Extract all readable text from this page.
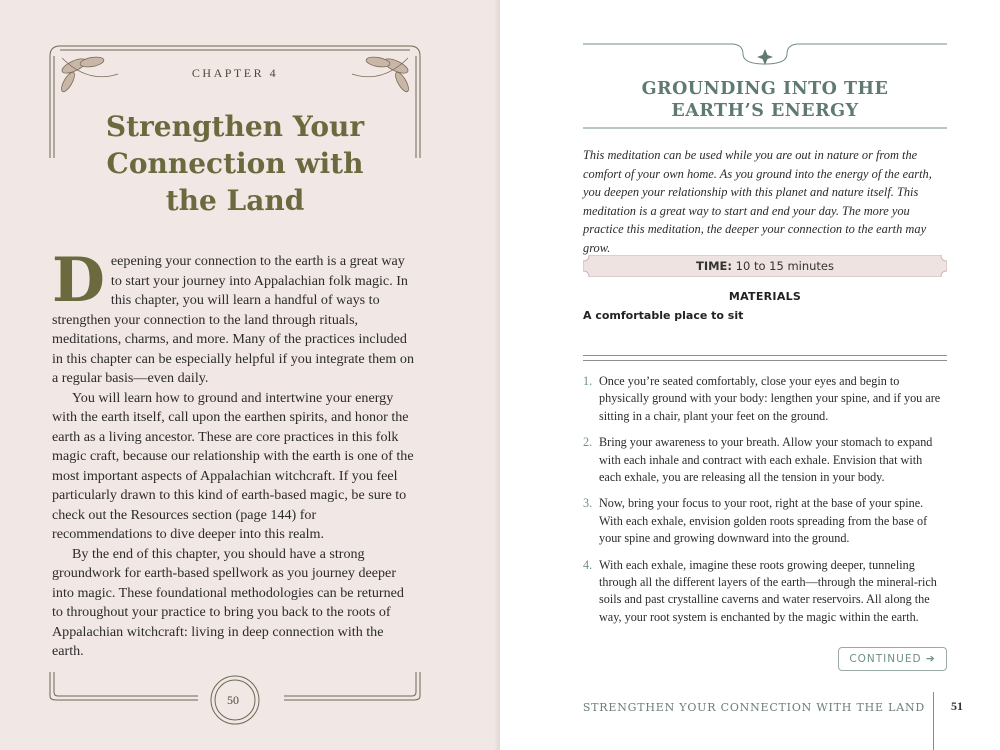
CHAPTER 4
Strengthen Your
Connection with
the Land

Deepening your connection to the earth is a great way to start your journey into Appalachian folk magic. In this chapter, you will learn a handful of ways to strengthen your connection to the land through rituals, meditations, charms, and more. Many of the practices included in this chapter can be especially helpful if you integrate them on a regular basis—even daily.

You will learn how to ground and intertwine your energy with the earth itself, call upon the earthen spirits, and honor the earth as a living ancestor. These are core practices in this folk magic craft, because our relationship with the earth is one of the most important aspects of Appalachian witchcraft. If you feel particularly drawn to this kind of earth-based magic, be sure to check out the Resources section (page 144) for recommendations to dive deeper into this realm.

By the end of this chapter, you should have a strong groundwork for earth-based spellwork as you journey deeper into magic. These foundational methodologies can be returned to throughout your practice to bring you back to the roots of Appalachian witchcraft: living in deep connection with the earth.

50
GROUNDING INTO THE
EARTH’S ENERGY
This meditation can be used while you are out in nature or from the comfort of your own home. As you ground into the energy of the earth, you deepen your relationship with this planet and nature itself. This meditation is a great way to start and end your day. The more you practice this meditation, the deeper your connection to the earth may grow.
TIME: 10 to 15 minutes
MATERIALS
A comfortable place to sit
1. Once you’re seated comfortably, close your eyes and begin to physically ground with your body: lengthen your spine, and if you are sitting in a chair, plant your feet on the ground.
2. Bring your awareness to your breath. Allow your stomach to expand with each inhale and contract with each exhale. Envision that with each exhale, you are releasing all the tension in your body.
3. Now, bring your focus to your root, right at the base of your spine. With each exhale, envision golden roots spreading from the base of your spine and growing downward into the ground.
4. With each exhale, imagine these roots growing deeper, tunneling through all the different layers of the earth—through the mineral-rich soils and past crystalline caverns and water reservoirs. All along the way, your root system is enchanted by the magic within the earth.
CONTINUED ➔
STRENGTHEN YOUR CONNECTION WITH THE LAND	51
